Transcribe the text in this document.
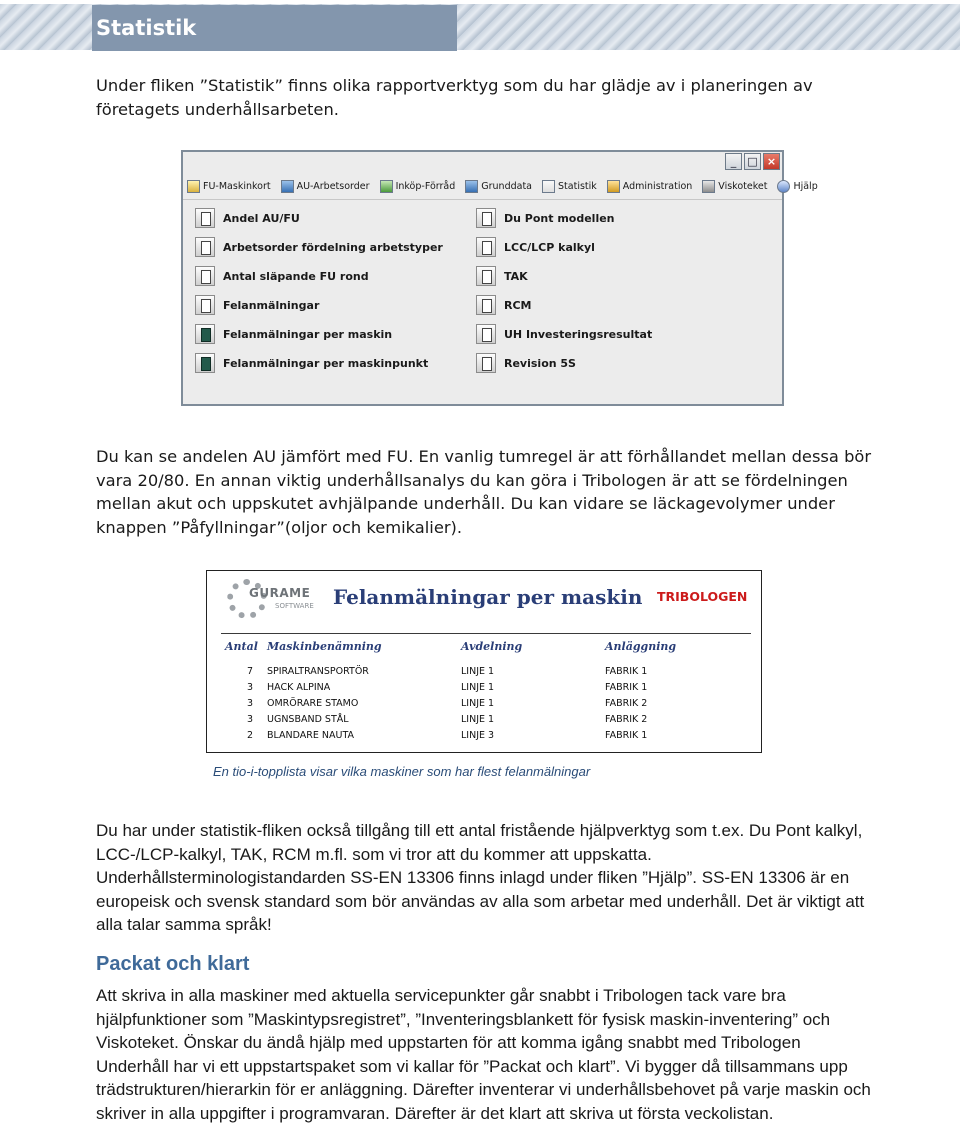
Statistik

Under fliken ”Statistik” finns olika rapportverktyg som du har glädje av i planeringen av företagets underhållsarbeten.

_	□ ×
FU-Maskinkort	AU-Arbetsorder	Inköp-Förråd	Grunddata	Statistik	Administration	Viskoteket	Hjälp
Andel AU/FU
Arbetsorder fördelning arbetstyper
Antal släpande FU rond
Felanmälningar
Felanmälningar per maskin
Felanmälningar per maskinpunkt
Du Pont modellen
LCC/LCP kalkyl
TAK
RCM
UH Investeringsresultat
Revision 5S

Du kan se andelen AU jämfört med FU. En vanlig tumregel är att förhållandet mellan dessa bör vara 20/80. En annan viktig underhållsanalys du kan göra i Tribologen är att se fördelningen mellan akut och uppskutet avhjälpande underhåll. Du kan vidare se läckagevolymer under knappen ”Påfyllningar”(oljor och kemikalier).

GURAME
SOFTWARE Felanmälningar per maskin TRIBOLOGEN
Antal Maskinbenämning	Avdelning	Anläggning
7 SPIRALTRANSPORTÖR	LINJE 1	FABRIK 1
3 HACK ALPINA	LINJE 1	FABRIK 1
3 OMRÖRARE STAMO	LINJE 1	FABRIK 2
3 UGNSBAND STÅL	LINJE 1	FABRIK 2
2 BLANDARE NAUTA	LINJE 3	FABRIK 1
En tio-i-topplista visar vilka maskiner som har flest felanmälningar

Du har under statistik-fliken också tillgång till ett antal fristående hjälpverktyg som t.ex. Du Pont kalkyl, LCC-/LCP-kalkyl, TAK, RCM m.fl. som vi tror att du kommer att uppskatta. Underhållsterminologistandarden SS-EN 13306 finns inlagd under fliken ”Hjälp”. SS-EN 13306 är en europeisk och svensk standard som bör användas av alla som arbetar med underhåll. Det är viktigt att alla talar samma språk!

Packat och klart

Att skriva in alla maskiner med aktuella servicepunkter går snabbt i Tribologen tack vare bra hjälpfunktioner som ”Maskintypsregistret”, ”Inventeringsblankett för fysisk maskin-inventering” och Viskoteket. Önskar du ändå hjälp med uppstarten för att komma igång snabbt med Tribologen Underhåll har vi ett uppstartspaket som vi kallar för ”Packat och klart”. Vi bygger då tillsammans upp trädstrukturen/hierarkin för er anläggning. Därefter inventerar vi underhållsbehovet på varje maskin och skriver in alla uppgifter i programvaran. Därefter är det klart att skriva ut första veckolistan.
